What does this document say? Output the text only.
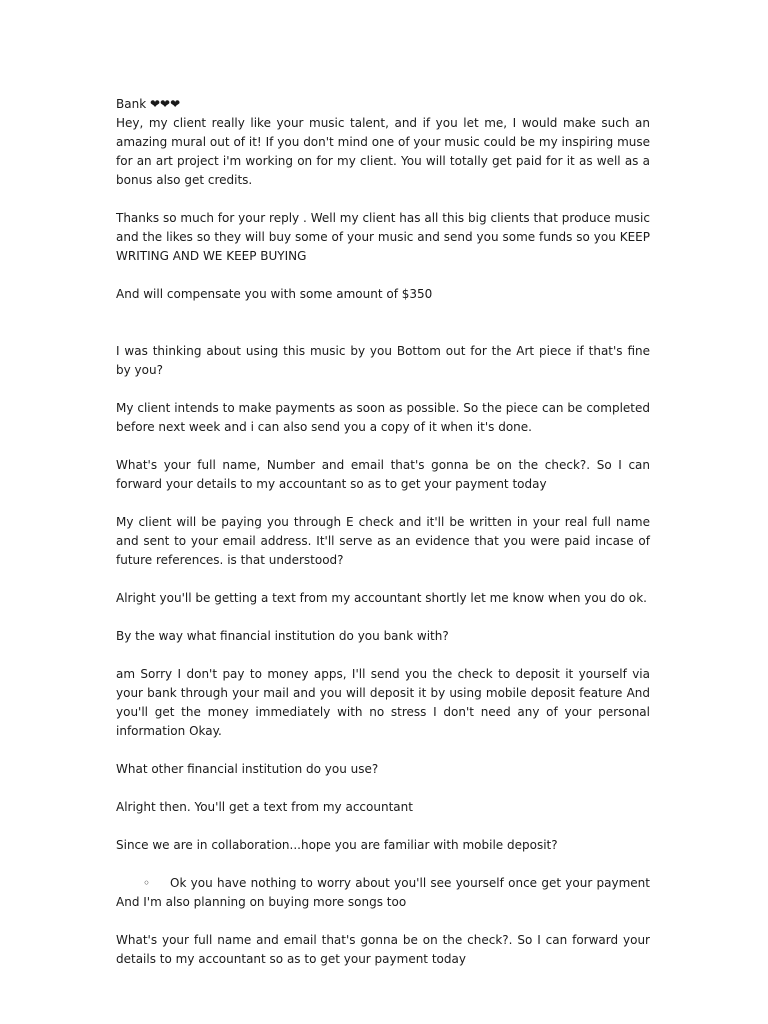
Bank ❤❤❤

Hey, my client really like your music talent, and if you let me, I would make such an amazing mural out of it! If you don't mind one of your music could be my inspiring muse for an art project i'm working on for my client. You will totally get paid for it as well as a bonus also get credits.

Thanks so much for your reply . Well my client has all this big clients that produce music and the likes so they will buy some of your music and send you some funds so you KEEP WRITING AND WE KEEP BUYING

And will compensate you with some amount of $350

I was thinking about using this music by you Bottom out for the Art piece if that's fine by you?

My client intends to make payments as soon as possible. So the piece can be completed before next week and i can also send you a copy of it when it's done.

What's your full name, Number and email that's gonna be on the check?. So I can forward your details to my accountant so as to get your payment today

My client will be paying you through E check and it'll be written in your real full name and sent to your email address. It'll serve as an evidence that you were paid incase of future references. is that understood?

Alright you'll be getting a text from my accountant shortly let me know when you do ok.

By the way what financial institution do you bank with?

am Sorry I don't pay to money apps, I'll send you the check to deposit it yourself via your bank through your mail and you will deposit it by using mobile deposit feature And you'll get the money immediately with no stress I don't need any of your personal information Okay.

What other financial institution do you use?

Alright then. You'll get a text from my accountant

Since we are in collaboration...hope you are familiar with mobile deposit?

◦ Ok you have nothing to worry about you'll see yourself once get your payment And I'm also planning on buying more songs too

What's your full name and email that's gonna be on the check?. So I can forward your details to my accountant so as to get your payment today
